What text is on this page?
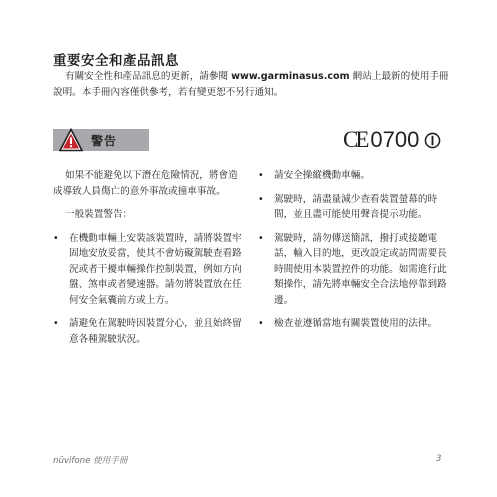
重要安全和產品訊息
有關安全性和產品訊息的更新，請參閱 www.garminasus.com 網站上最新的使用手冊說明。本手冊內容僅供參考，若有變更恕不另行通知。
警告	CE 0700
如果不能避免以下潛在危險情況，將會造成導致人員傷亡的意外事故或撞車事故。
一般裝置警告：
• 在機動車輛上安裝該裝置時，請將裝置牢固地安放妥當，使其不會妨礙駕駛查看路況或者干擾車輛操作控制裝置，例如方向盤、煞車或者變速器。請勿將裝置放在任何安全氣囊前方或上方。
• 請避免在駕駛時因裝置分心，並且始終留意各種駕駛狀況。
• 請安全操縱機動車輛。
• 駕駛時，請盡量減少查看裝置螢幕的時間，並且盡可能使用聲音提示功能。
• 駕駛時，請勿傳送簡訊，撥打或接聽電話，輸入目的地，更改設定或訪問需要長時間使用本裝置控件的功能。如需進行此類操作，請先將車輛安全合法地停靠到路邊。
• 檢查並遵循當地有關裝置使用的法律。
nüvifone 使用手冊	3
